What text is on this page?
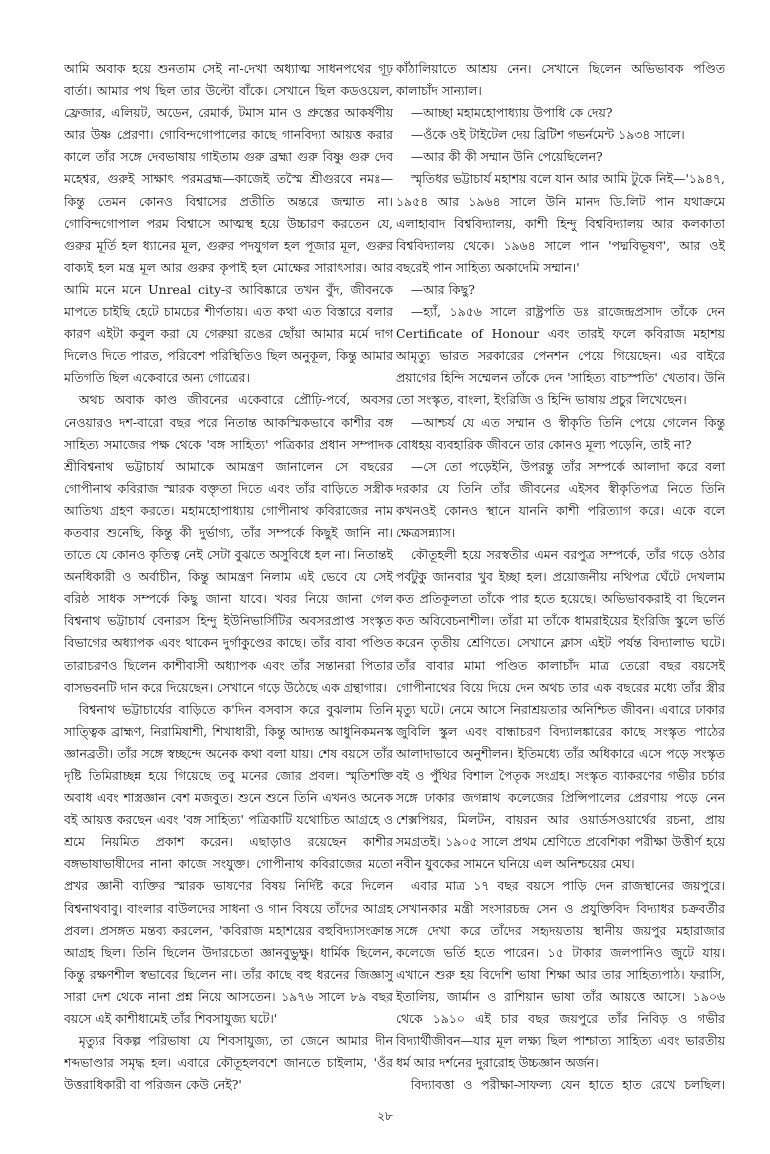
আমি অবাক হয়ে শুনতাম সেই না-দেখা অধ্যাত্ম সাধনপথের গূঢ় বার্তা। আমার পথ ছিল তার উল্টো বাঁকে। সেখানে ছিল কডওয়েল, ফ্রেজার, এলিয়ট, অডেন, রেমার্ক, টমাস মান ও প্রুস্তের আকর্ষণীয় আর উষ্ণ প্রেরণা। গোবিন্দগোপালের কাছে গানবিদ্যা আয়ত্ত করার কালে তাঁর সঙ্গে দেবভাষায় গাইতাম গুরু ব্রহ্মা গুরু বিষ্ণু গুরু দেব মহেশ্বর, গুরুই সাক্ষাৎ পরমব্রহ্ম—কাজেই তস্মৈ শ্রীগুরবে নমঃ—কিন্তু তেমন কোনও বিশ্বাসের প্রতীতি অন্তরে জন্মাত না। গোবিন্দগোপাল পরম বিশ্বাসে আত্মস্থ হয়ে উচ্চারণ করতেন যে, গুরুর মূর্তি হল ধ্যানের মূল, গুরুর পদযুগল হল পূজার মূল, গুরুর বাক্যই হল মন্ত্র মূল আর গুরুর কৃপাই হল মোক্ষের সারাৎসার। আর আমি মনে মনে Unreal city-র আবিষ্কারে তখন বুঁদ, জীবনকে মাপতে চাইছি হেটে চামচের শীর্ণতায়। এত কথা এত বিস্তারে বলার কারণ এইটা কবুল করা যে গেরুয়া রঙের ছোঁয়া আমার মর্মে দাগ দিলেও দিতে পারত, পরিবেশ পরিস্থিতিও ছিল অনুকূল, কিন্তু আমার মতিগতি ছিল একেবারে অন্য গোত্রের।

অথচ অবাক কাণ্ড জীবনের একেবারে প্রৌঢ়ি-পর্বে, অবসর নেওয়ারও দশ-বারো বছর পরে নিতান্ত আকস্মিকভাবে কাশীর বঙ্গ সাহিত্য সমাজের পক্ষ থেকে 'বঙ্গ সাহিত্য' পত্রিকার প্রধান সম্পাদক শ্রীবিশ্বনাথ ভট্টাচার্য আমাকে আমন্ত্রণ জানালেন সে বছরের গোপীনাথ কবিরাজ স্মারক বক্তৃতা দিতে এবং তাঁর বাড়িতে সস্ত্রীক আতিথ্য গ্রহণ করতে। মহামহোপাধ্যায় গোপীনাথ কবিরাজের নাম কতবার শুনেছি, কিন্তু কী দুর্ভাগ্য, তাঁর সম্পর্কে কিছুই জানি না। তাতে যে কোনও কৃতিত্ব নেই সেটা বুঝতে অসুবিধে হল না। নিতান্তই অনধিকারী ও অর্বাচীন, কিন্তু আমন্ত্রণ নিলাম এই ভেবে যে সেই বরিষ্ঠ সাধক সম্পর্কে কিছু জানা যাবে। খবর নিয়ে জানা গেল বিশ্বনাথ ভট্টাচার্য বেনারস হিন্দু ইউনিভার্সিটির অবসরপ্রাপ্ত সংস্কৃত বিভাগের অধ্যাপক এবং থাকেন দুর্গাকুণ্ডের কাছে। তাঁর বাবা পণ্ডিত তারাচরণও ছিলেন কাশীবাসী অধ্যাপক এবং তাঁর সন্তানরা পিতার বাসভবনটি দান করে দিয়েছেন। সেখানে গড়ে উঠেছে এক গ্রন্থাগার।

বিশ্বনাথ ভট্টাচার্যের বাড়িতে ক'দিন বসবাস করে বুঝলাম তিনি সাত্ত্বিক ব্রাহ্মণ, নিরামিষাশী, শিখাধারী, কিন্তু আদ্যন্ত আধুনিকমনস্ক জ্ঞানব্রতী। তাঁর সঙ্গে স্বচ্ছন্দে অনেক কথা বলা যায়। শেষ বয়সে তাঁর দৃষ্টি তিমিরাচ্ছন্ন হয়ে গিয়েছে তবু মনের জোর প্রবল। স্মৃতিশক্তি অবাধ এবং শাস্ত্রজ্ঞান বেশ মজবুত। শুনে শুনে তিনি এখনও অনেক বই আয়ত্ত করছেন এবং 'বঙ্গ সাহিত্য' পত্রিকাটি যথোচিত আগ্রহে ও শ্রমে নিয়মিত প্রকাশ করেন। এছাড়াও রয়েছেন কাশীর বঙ্গভাষাভাষীদের নানা কাজে সংযুক্ত। গোপীনাথ কবিরাজের মতো প্রখর জ্ঞানী ব্যক্তির স্মারক ভাষণের বিষয় নির্দিষ্ট করে দিলেন বিশ্বনাথবাবু। বাংলার বাউলদের সাধনা ও গান বিষয়ে তাঁদের আগ্রহ প্রবল। প্রসঙ্গত মন্তব্য করলেন, 'কবিরাজ মহাশয়ের বহুবিদ্যাসংক্রান্ত আগ্রহ ছিল। তিনি ছিলেন উদারচেতা জ্ঞানবুভুক্ষু। ধার্মিক ছিলেন, কিন্তু রক্ষণশীল স্বভাবের ছিলেন না। তাঁর কাছে বহু ধরনের জিজ্ঞাসু সারা দেশ থেকে নানা প্রশ্ন নিয়ে আসতেন। ১৯৭৬ সালে ৮৯ বছর বয়সে এই কাশীধামেই তাঁর শিবসাযুজ্য ঘটে।'

মৃত্যুর বিকল্প পরিভাষা যে শিবসাযুজ্য, তা জেনে আমার দীন শব্দভাণ্ডার সমৃদ্ধ হল। এবারে কৌতূহলবশে জানতে চাইলাম, 'ওঁর উত্তরাধিকারী বা পরিজন কেউ নেই?'

কাঁঠালিয়াতে আশ্রয় নেন। সেখানে ছিলেন অভিভাবক পণ্ডিত কালাচাঁদ সান্যাল।

—আচ্ছা মহামহোপাধ্যায় উপাধি কে দেয়?

—ওঁকে ওই টাইটেল দেয় ব্রিটিশ গভর্নমেন্ট ১৯৩৪ সালে।

—আর কী কী সম্মান উনি পেয়েছিলেন?

স্মৃতিধর ভট্টাচার্য মহাশয় বলে যান আর আমি টুকে নিই—'১৯৪৭, ১৯৫৪ আর ১৯৬৪ সালে উনি মানদ ডি.লিট পান যথাক্রমে এলাহাবাদ বিশ্ববিদ্যালয়, কাশী হিন্দু বিশ্ববিদ্যালয় আর কলকাতা বিশ্ববিদ্যালয় থেকে। ১৯৬৪ সালে পান 'পদ্মবিভূষণ', আর ওই বছরেই পান সাহিত্য অকাদেমি সম্মান।'

—আর কিছু?

—হ্যাঁ, ১৯৫৬ সালে রাষ্ট্রপতি ডঃ রাজেন্দ্রপ্রসাদ তাঁকে দেন Certificate of Honour এবং তারই ফলে কবিরাজ মহাশয় আমৃত্যু ভারত সরকারের পেনশন পেয়ে গিয়েছেন। এর বাইরে প্রয়াগের হিন্দি সম্মেলন তাঁকে দেন 'সাহিত্য বাচস্পতি' খেতাব। উনি তো সংস্কৃত, বাংলা, ইংরিজি ও হিন্দি ভাষায় প্রচুর লিখেছেন।

—আশ্চর্য যে এত সম্মান ও স্বীকৃতি তিনি পেয়ে গেলেন কিন্তু বোধহয় ব্যবহারিক জীবনে তার কোনও মূল্য পড়েনি, তাই না?

—সে তো পড়েইনি, উপরন্তু তাঁর সম্পর্কে আলাদা করে বলা দরকার যে তিনি তাঁর জীবনের এইসব স্বীকৃতিপত্র নিতে তিনি কখনওই কোনও স্থানে যাননি কাশী পরিত্যাগ করে। একে বলে ক্ষেত্রসন্ন্যাস।

কৌতূহলী হয়ে সরস্বতীর এমন বরপুত্র সম্পর্কে, তাঁর গড়ে ওঠার পর্বটুকু জানবার খুব ইচ্ছা হল। প্রয়োজনীয় নথিপত্র ঘেঁটে দেখলাম কত প্রতিকূলতা তাঁকে পার হতে হয়েছে। অভিভাবকরাই বা ছিলেন কত অবিবেচনাশীল। তাঁরা মা তাঁকে ধামরাইয়ের ইংরিজি স্কুলে ভর্তি করেন তৃতীয় শ্রেণিতে। সেখানে ক্লাস এইট পর্যন্ত বিদ্যালাভ ঘটে। তাঁর বাবার মামা পণ্ডিত কালাচাঁদ মাত্র তেরো বছর বয়সেই গোপীনাথের বিয়ে দিয়ে দেন অথচ তার এক বছরের মধ্যে তাঁর স্ত্রীর মৃত্যু ঘটে। নেমে আসে নিরাশ্রয়তার অনিশ্চিত জীবন। এবারে ঢাকার জুবিলি স্কুল এবং বান্ধাচরণ বিদ্যালঙ্কারের কাছে সংস্কৃত পাঠের আলাদাভাবে অনুশীলন। ইতিমধ্যে তাঁর অধিকারে এসে পড়ে সংস্কৃত বই ও পুঁথির বিশাল পৈতৃক সংগ্রহ। সংস্কৃত ব্যাকরণের গভীর চর্চার সঙ্গে ঢাকার জগন্নাথ কলেজের প্রিন্সিপালের প্রেরণায় পড়ে নেন শেক্সপিয়র, মিলটন, বায়রন আর ওয়ার্ডসওয়ার্থের রচনা, প্রায় সমগ্রতই। ১৯০৫ সালে প্রথম শ্রেণিতে প্রবেশিকা পরীক্ষা উত্তীর্ণ হয়ে নবীন যুবকের সামনে ঘনিয়ে এল অনিশ্চয়ের মেঘ।

এবার মাত্র ১৭ বছর বয়সে পাড়ি দেন রাজস্থানের জয়পুরে। সেখানকার মন্ত্রী সংসারচন্দ্র সেন ও প্রযুক্তিবিদ বিদ্যাধর চক্রবর্তীর সঙ্গে দেখা করে তাঁদের সহৃদয়তায় স্থানীয় জয়পুর মহারাজার কলেজে ভর্তি হতে পারেন। ১৫ টাকার জলপানিও জুটে যায়। এখানে শুরু হয় বিদেশি ভাষা শিক্ষা আর তার সাহিত্যপাঠ। ফরাসি, ইতালিয়, জার্মান ও রাশিয়ান ভাষা তাঁর আয়ত্তে আসে। ১৯০৬ থেকে ১৯১০ এই চার বছর জয়পুরে তাঁর নিবিড় ও গভীর বিদ্যার্থীজীবন—যার মূল লক্ষ্য ছিল পাশ্চাত্য সাহিত্য এবং ভারতীয় ধর্ম আর দর্শনের দুরারোহ উচ্চজ্ঞান অর্জন।

বিদ্যাবত্তা ও পরীক্ষা-সাফল্য যেন হাতে হাত রেখে চলছিল।

২৮
